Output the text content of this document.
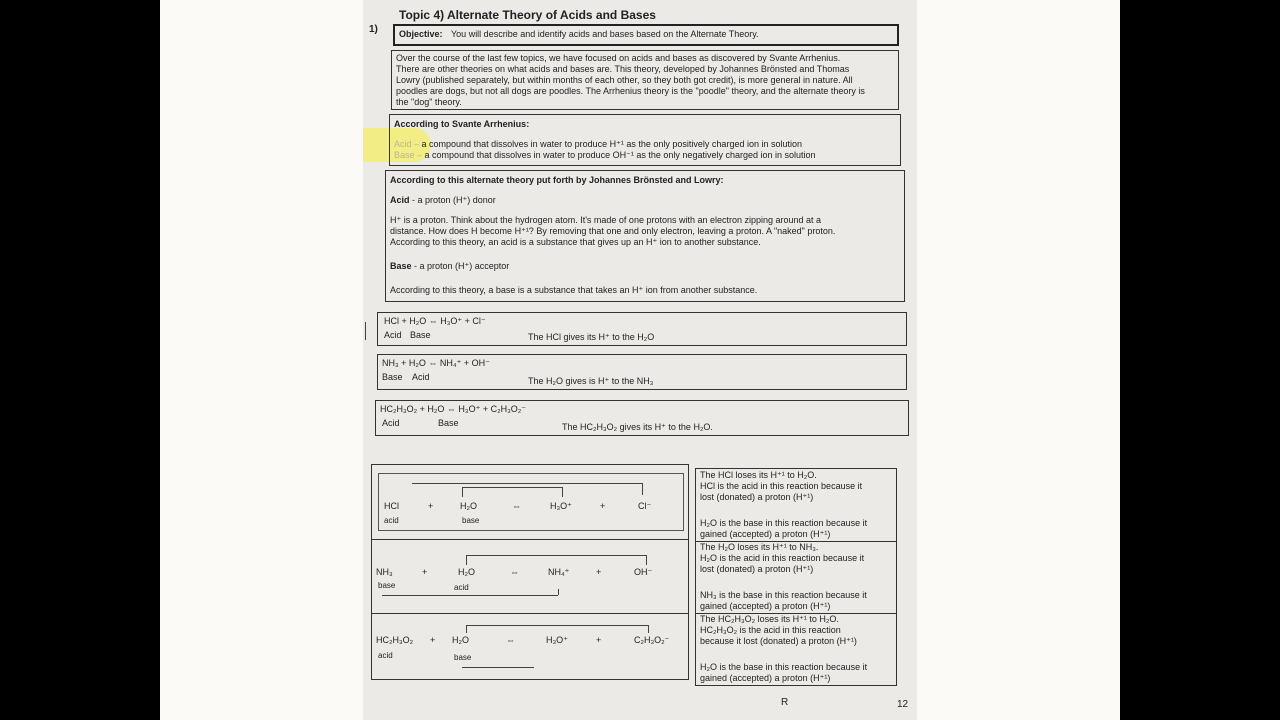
Topic 4) Alternate Theory of Acids and Bases
1) Objective: You will describe and identify acids and bases based on the Alternate Theory.
Over the course of the last few topics, we have focused on acids and bases as discovered by Svante Arrhenius.
There are other theories on what acids and bases are. This theory, developed by Johannes Brönsted and Thomas
Lowry (published separately, but within months of each other, so they both got credit), is more general in nature. All
poodles are dogs, but not all dogs are poodles. The Arrhenius theory is the "poodle" theory, and the alternate theory is
the "dog" theory.
According to Svante Arrhenius:
Acid – a compound that dissolves in water to produce H⁺¹ as the only positively charged ion in solution
Base – a compound that dissolves in water to produce OH⁻¹ as the only negatively charged ion in solution
According to this alternate theory put forth by Johannes Brönsted and Lowry:
Acid - a proton (H⁺) donor
H⁺ is a proton. Think about the hydrogen atom. It's made of one protons with an electron zipping around at a
distance. How does H become H⁺¹? By removing that one and only electron, leaving a proton. A "naked" proton.
According to this theory, an acid is a substance that gives up an H⁺ ion to another substance.
Base - a proton (H⁺) acceptor
According to this theory, a base is a substance that takes an H⁺ ion from another substance.
HCl + H₂O ⇔ H₃O⁺ + Cl⁻
Acid Base	The HCl gives its H⁺ to the H₂O
NH₃ + H₂O ⇔ NH₄⁺ + OH⁻
Base Acid	The H₂O gives is H⁺ to the NH₃
HC₂H₃O₂ + H₂O ⇔ H₃O⁺ + C₂H₃O₂⁻
Acid	Base	The HC₂H₃O₂ gives its H⁺ to the H₂O.
HCl	+	H₂O	⇔	H₃O⁺	+	Cl⁻
acid	base
NH₃	+	H₂O	⇔	NH₄⁺	+	OH⁻
base	acid
HC₂H₃O₂ + H₂O	⇔	H₃O⁺	+	C₂H₃O₂⁻
acid	base
The HCl loses its H⁺¹ to H₂O.
HCl is the acid in this reaction because it
lost (donated) a proton (H⁺¹)
H₂O is the base in this reaction because it
gained (accepted) a proton (H⁺¹)
The H₂O loses its H⁺¹ to NH₃.
H₂O is the acid in this reaction because it
lost (donated) a proton (H⁺¹)
NH₃ is the base in this reaction because it
gained (accepted) a proton (H⁺¹)
The HC₂H₃O₂ loses its H⁺¹ to H₂O.
HC₂H₃O₂ is the acid in this reaction
because it lost (donated) a proton (H⁺¹)
H₂O is the base in this reaction because it
gained (accepted) a proton (H⁺¹)
R	12
